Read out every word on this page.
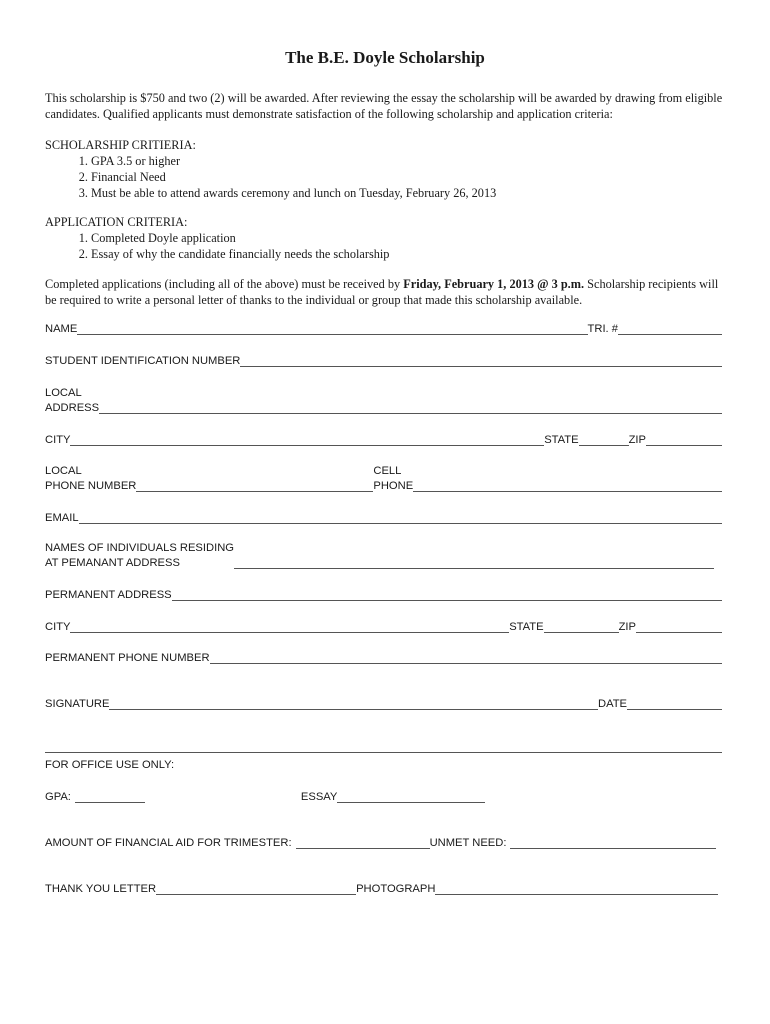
The B.E. Doyle Scholarship
This scholarship is $750 and two (2) will be awarded. After reviewing the essay the scholarship will be awarded by drawing from eligible candidates. Qualified applicants must demonstrate satisfaction of the following scholarship and application criteria:
SCHOLARSHIP CRITIERIA:
1. GPA 3.5 or higher
2. Financial Need
3. Must be able to attend awards ceremony and lunch on Tuesday, February 26, 2013
APPLICATION CRITERIA:
1. Completed Doyle application
2. Essay of why the candidate financially needs the scholarship
Completed applications (including all of the above) must be received by Friday, February 1, 2013 @ 3 p.m. Scholarship recipients will be required to write a personal letter of thanks to the individual or group that made this scholarship available.
NAME	TRI. #
STUDENT IDENTIFICATION NUMBER
LOCAL
ADDRESS
CITY	STATE	ZIP
LOCAL
PHONE NUMBER
CELL
PHONE
EMAIL
NAMES OF INDIVIDUALS RESIDING
AT PEMANANT ADDRESS
PERMANENT ADDRESS
CITY	STATE	ZIP
PERMANENT PHONE NUMBER
SIGNATURE	DATE
FOR OFFICE USE ONLY:
GPA:	ESSAY
AMOUNT OF FINANCIAL AID FOR TRIMESTER:	UNMET NEED:
THANK YOU LETTER	PHOTOGRAPH
